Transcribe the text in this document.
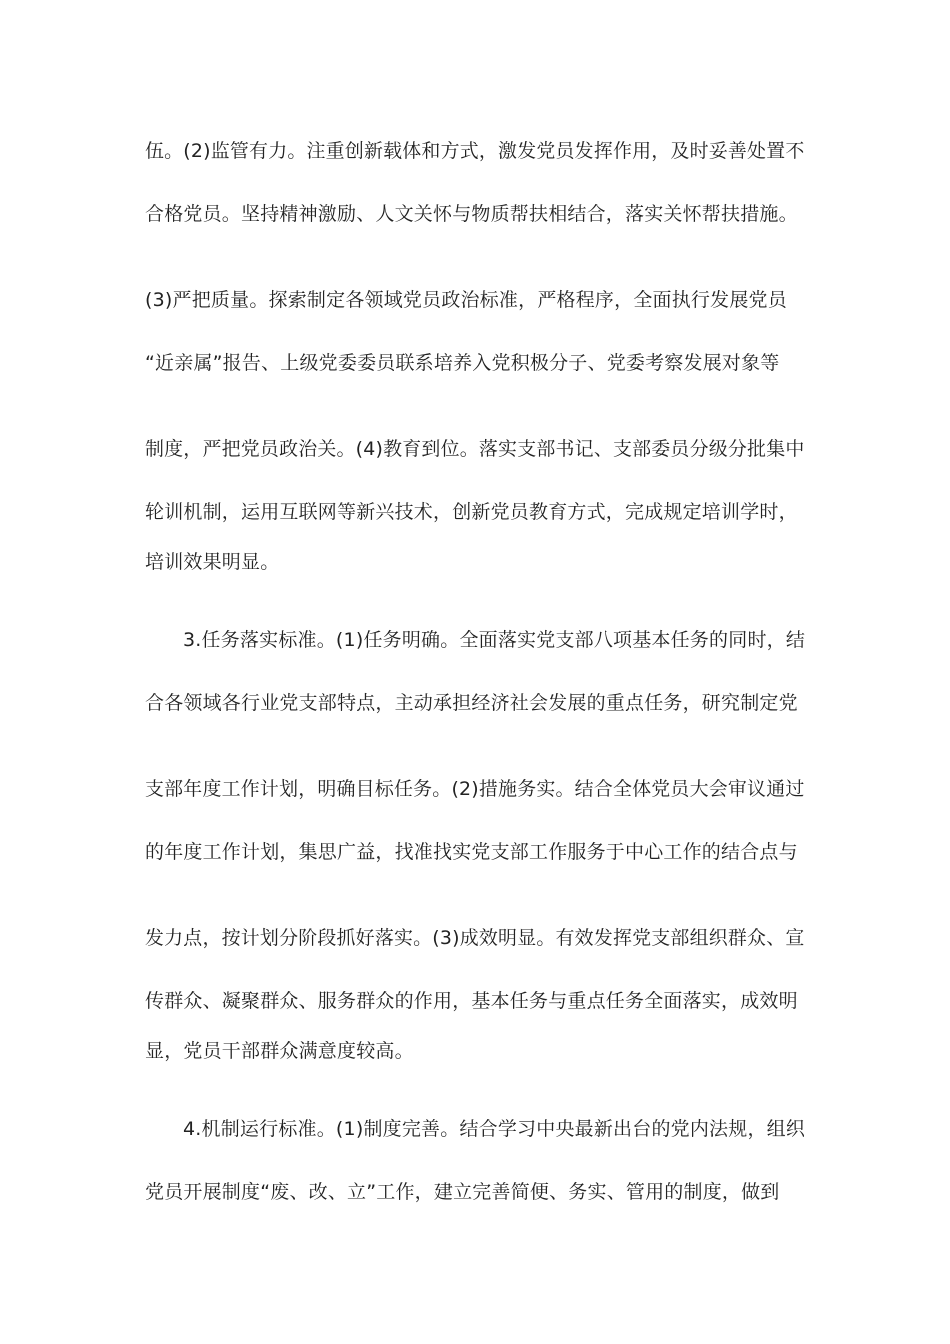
伍。(2)监管有力。注重创新载体和方式，激发党员发挥作用，及时妥善处置不
合格党员。坚持精神激励、人文关怀与物质帮扶相结合，落实关怀帮扶措施。
(3)严把质量。探索制定各领域党员政治标准，严格程序，全面执行发展党员
“近亲属”报告、上级党委委员联系培养入党积极分子、党委考察发展对象等
制度，严把党员政治关。(4)教育到位。落实支部书记、支部委员分级分批集中
轮训机制，运用互联网等新兴技术，创新党员教育方式，完成规定培训学时，
培训效果明显。
3.任务落实标准。(1)任务明确。全面落实党支部八项基本任务的同时，结
合各领域各行业党支部特点，主动承担经济社会发展的重点任务，研究制定党
支部年度工作计划，明确目标任务。(2)措施务实。结合全体党员大会审议通过
的年度工作计划，集思广益，找准找实党支部工作服务于中心工作的结合点与
发力点，按计划分阶段抓好落实。(3)成效明显。有效发挥党支部组织群众、宣
传群众、凝聚群众、服务群众的作用，基本任务与重点任务全面落实，成效明
显，党员干部群众满意度较高。
4.机制运行标准。(1)制度完善。结合学习中央最新出台的党内法规，组织
党员开展制度“废、改、立”工作，建立完善简便、务实、管用的制度，做到
